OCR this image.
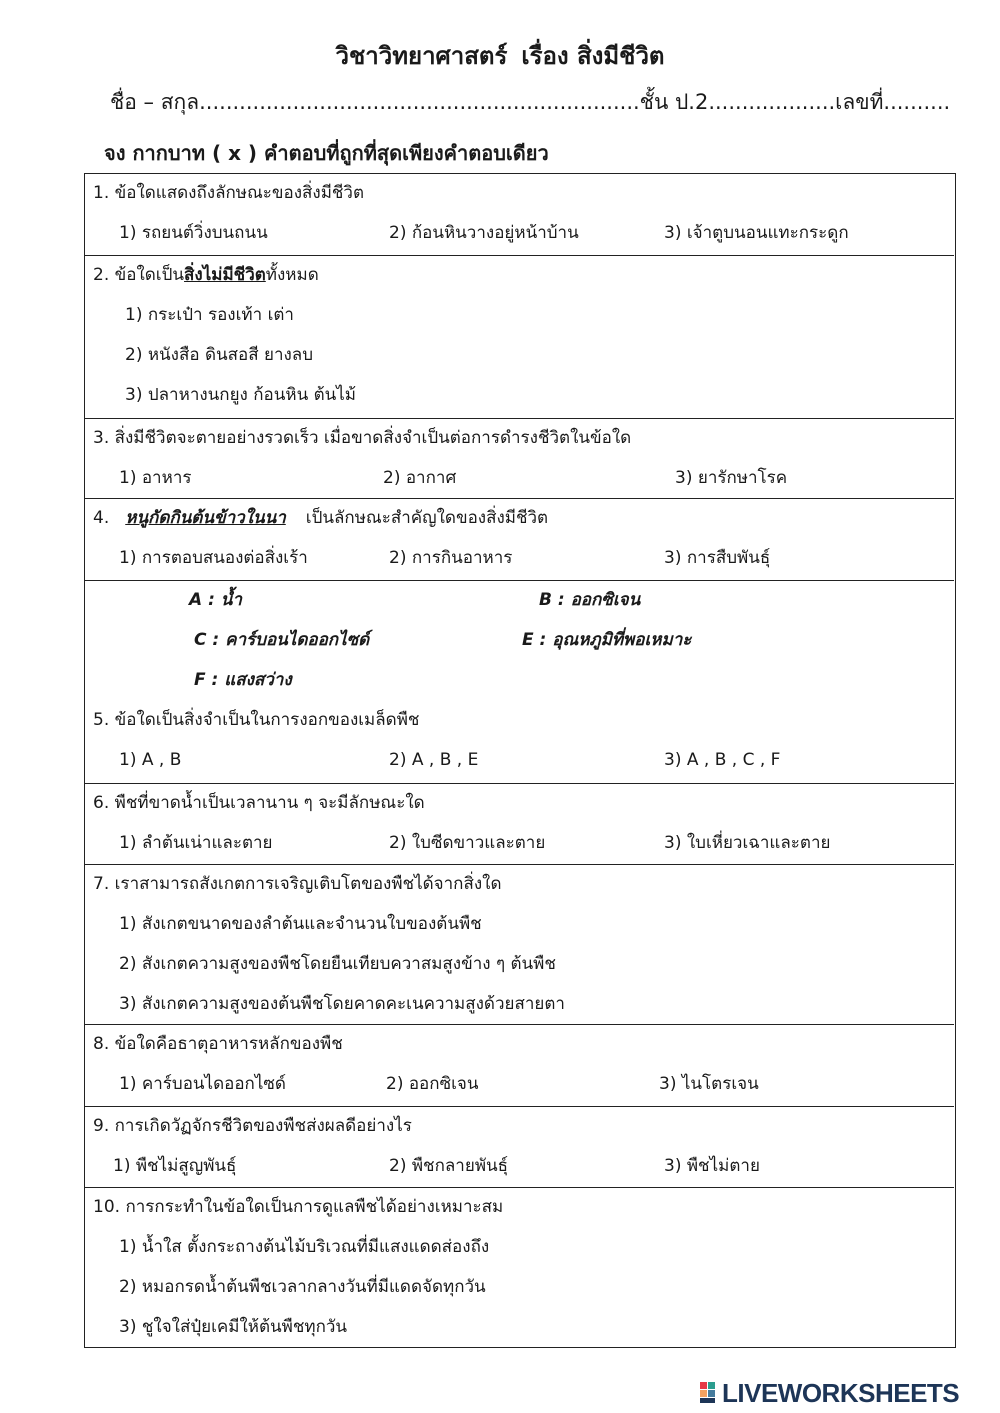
วิชาวิทยาศาสตร์ เรื่อง สิ่งมีชีวิต
ชื่อ – สกุล..................................................................ชั้น ป.2...................เลขที่..........
จง กากบาท ( x ) คำตอบที่ถูกที่สุดเพียงคำตอบเดียว
1. ข้อใดแสดงถึงลักษณะของสิ่งมีชีวิต
1) รถยนต์วิ่งบนถนน	2) ก้อนหินวางอยู่หน้าบ้าน	3) เจ้าตูบนอนแทะกระดูก
2. ข้อใดเป็นสิ่งไม่มีชีวิตทั้งหมด
1) กระเป๋า รองเท้า เต่า
2) หนังสือ ดินสอสี ยางลบ
3) ปลาหางนกยูง ก้อนหิน ต้นไม้
3. สิ่งมีชีวิตจะตายอย่างรวดเร็ว เมื่อขาดสิ่งจำเป็นต่อการดำรงชีวิตในข้อใด
1) อาหาร	2) อากาศ	3) ยารักษาโรค
4. หนูกัดกินต้นข้าวในนา เป็นลักษณะสำคัญใดของสิ่งมีชีวิต
1) การตอบสนองต่อสิ่งเร้า	2) การกินอาหาร	3) การสืบพันธุ์
A : น้ำ	B : ออกซิเจน
C : คาร์บอนไดออกไซด์	E : อุณหภูมิที่พอเหมาะ
F : แสงสว่าง
5. ข้อใดเป็นสิ่งจำเป็นในการงอกของเมล็ดพืช
1) A , B	2) A , B , E	3) A , B , C , F
6. พืชที่ขาดน้ำเป็นเวลานาน ๆ จะมีลักษณะใด
1) ลำต้นเน่าและตาย	2) ใบซีดขาวและตาย	3) ใบเหี่ยวเฉาและตาย
7. เราสามารถสังเกตการเจริญเติบโตของพืชได้จากสิ่งใด
1) สังเกตขนาดของลำต้นและจำนวนใบของต้นพืช
2) สังเกตความสูงของพืชโดยยืนเทียบควาสมสูงข้าง ๆ ต้นพืช
3) สังเกตความสูงของต้นพืชโดยคาดคะเนความสูงด้วยสายตา
8. ข้อใดคือธาตุอาหารหลักของพืช
1) คาร์บอนไดออกไซด์	2) ออกซิเจน	3) ไนโตรเจน
9. การเกิดวัฏจักรชีวิตของพืชส่งผลดีอย่างไร
1) พืชไม่สูญพันธุ์	2) พืชกลายพันธุ์	3) พืชไม่ตาย
10. การกระทำในข้อใดเป็นการดูแลพืชได้อย่างเหมาะสม
1) น้ำใส ตั้งกระถางต้นไม้บริเวณที่มีแสงแดดส่องถึง
2) หมอกรดน้ำต้นพืชเวลากลางวันที่มีแดดจัดทุกวัน
3) ชูใจใส่ปุ๋ยเคมีให้ต้นพืชทุกวัน
LIVEWORKSHEETS
